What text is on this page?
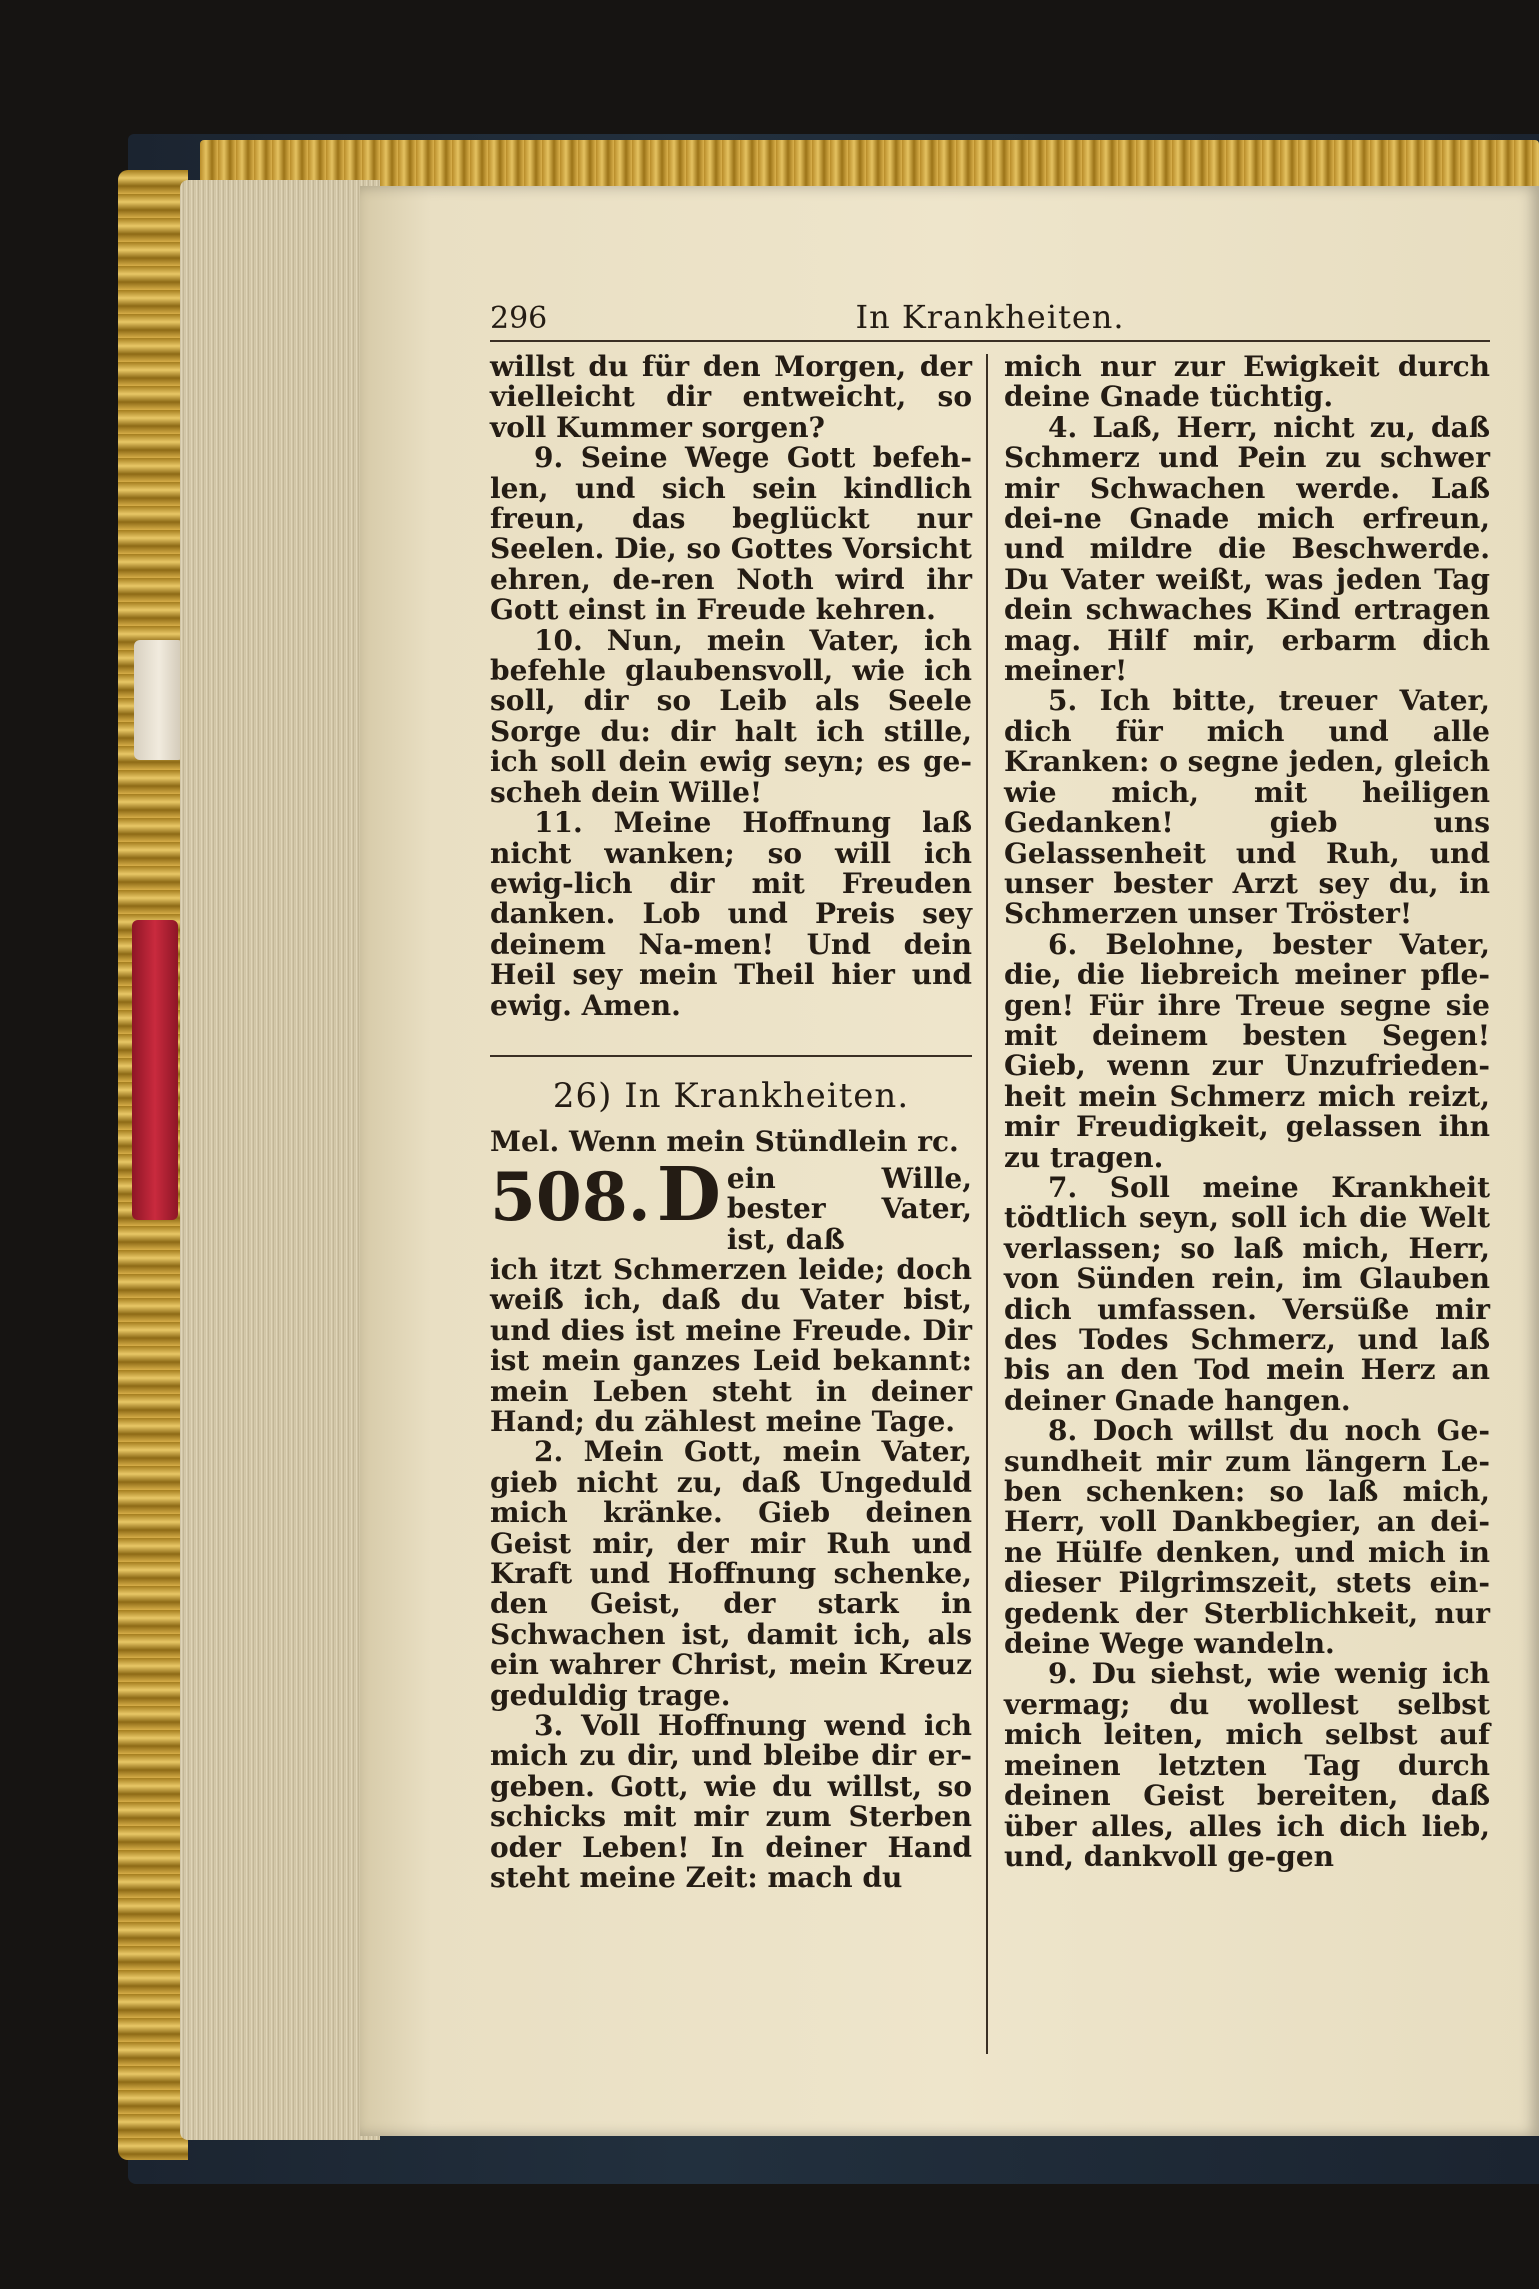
296	In Krankheiten.

willst du für den Morgen, der vielleicht dir entweicht, so voll Kummer sorgen?

9. Seine Wege Gott befeh-len, und sich sein kindlich freun, das beglückt nur Seelen. Die, so Gottes Vorsicht ehren, de-ren Noth wird ihr Gott einst in Freude kehren.

10. Nun, mein Vater, ich befehle glaubensvoll, wie ich soll, dir so Leib als Seele Sorge du: dir halt ich stille, ich soll dein ewig seyn; es ge-scheh dein Wille!

11. Meine Hoffnung laß nicht wanken; so will ich ewig-lich dir mit Freuden danken. Lob und Preis sey deinem Na-men! Und dein Heil sey mein Theil hier und ewig. Amen.

26) In Krankheiten.
Mel. Wenn mein Stündlein rc.
508. D ein Wille, bester Vater, ist, daß

ich itzt Schmerzen leide; doch weiß ich, daß du Vater bist, und dies ist meine Freude. Dir ist mein ganzes Leid bekannt: mein Leben steht in deiner Hand; du zählest meine Tage.

2. Mein Gott, mein Vater, gieb nicht zu, daß Ungeduld mich kränke. Gieb deinen Geist mir, der mir Ruh und Kraft und Hoffnung schenke, den Geist, der stark in Schwachen ist, damit ich, als ein wahrer Christ, mein Kreuz geduldig trage.

3. Voll Hoffnung wend ich mich zu dir, und bleibe dir er-geben. Gott, wie du willst, so schicks mit mir zum Sterben oder Leben! In deiner Hand steht meine Zeit: mach du

mich nur zur Ewigkeit durch deine Gnade tüchtig.

4. Laß, Herr, nicht zu, daß Schmerz und Pein zu schwer mir Schwachen werde. Laß dei-ne Gnade mich erfreun, und mildre die Beschwerde. Du Vater weißt, was jeden Tag dein schwaches Kind ertragen mag. Hilf mir, erbarm dich meiner!

5. Ich bitte, treuer Vater, dich für mich und alle Kranken: o segne jeden, gleich wie mich, mit heiligen Gedanken! gieb uns Gelassenheit und Ruh, und unser bester Arzt sey du, in Schmerzen unser Tröster!

6. Belohne, bester Vater, die, die liebreich meiner pfle-gen! Für ihre Treue segne sie mit deinem besten Segen! Gieb, wenn zur Unzufrieden-heit mein Schmerz mich reizt, mir Freudigkeit, gelassen ihn zu tragen.

7. Soll meine Krankheit tödtlich seyn, soll ich die Welt verlassen; so laß mich, Herr, von Sünden rein, im Glauben dich umfassen. Versüße mir des Todes Schmerz, und laß bis an den Tod mein Herz an deiner Gnade hangen.

8. Doch willst du noch Ge-sundheit mir zum längern Le-ben schenken: so laß mich, Herr, voll Dankbegier, an dei-ne Hülfe denken, und mich in dieser Pilgrimszeit, stets ein-gedenk der Sterblichkeit, nur deine Wege wandeln.

9. Du siehst, wie wenig ich vermag; du wollest selbst mich leiten, mich selbst auf meinen letzten Tag durch deinen Geist bereiten, daß über alles, alles ich dich lieb, und, dankvoll ge-gen
